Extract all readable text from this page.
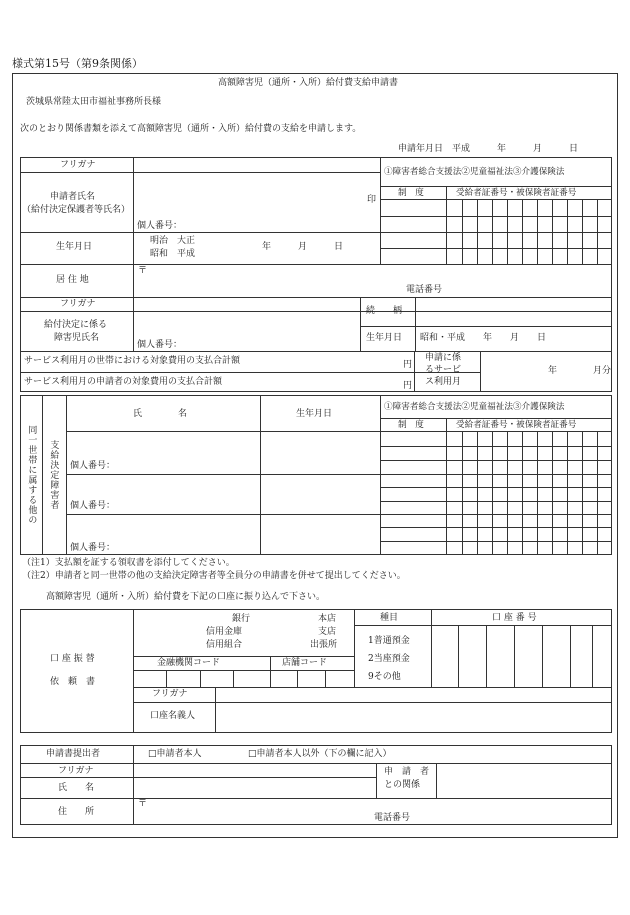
様式第15号（第9条関係）
高額障害児（通所・入所）給付費支給申請書
茨城県常陸太田市福祉事務所長様
次のとおり関係書類を添えて高額障害児（通所・入所）給付費の支給を申請します。
申請年月日　平成　　　年　　　月　　　日
フリガナ
申請者氏名
（給付決定保護者等氏名）
印
個人番号：
生年月日
明治　大正
昭和　平成
年　　　月　　　日
居 住 地
〒
電話番号
①障害者総合支援法②児童福祉法③介護保険法
制　度	受給者証番号・被保険者証番号
フリガナ
給付決定に係る
障害児氏名
個人番号：
続　　柄
生年月日 昭和・平成　　年　　月　　日
サービス利用月の世帯における対象費用の支払合計額	円
サービス利用月の申請者の対象費用の支払合計額	円
申請に係
るサービ
ス利用月
年　　　　月分
同一世帯に属する他の 支給決定障害者
氏　　　　名	生年月日
①障害者総合支援法②児童福祉法③介護保険法
制　度	受給者証番号・被保険者証番号
個人番号：
個人番号：
個人番号：
（注1）支払額を証する領収書を添付してください。
（注2）申請者と同一世帯の他の支給決定障害者等全員分の申請書を併せて提出してください。
高額障害児（通所・入所）給付費を下記の口座に振り込んで下さい。
口 座 振 替
依　頼　書
銀行
信用金庫
信用組合
本店
支店
出張所
金融機関コード	店舗コード
種目	口 座 番 号
1普通預金
2当座預金
9その他
フリガナ
口座名義人
申請書提出者	□申請者本人	□申請者本人以外（下の欄に記入）
フリガナ
氏　　名
申　請　者
との関係
住　　所
〒
電話番号
